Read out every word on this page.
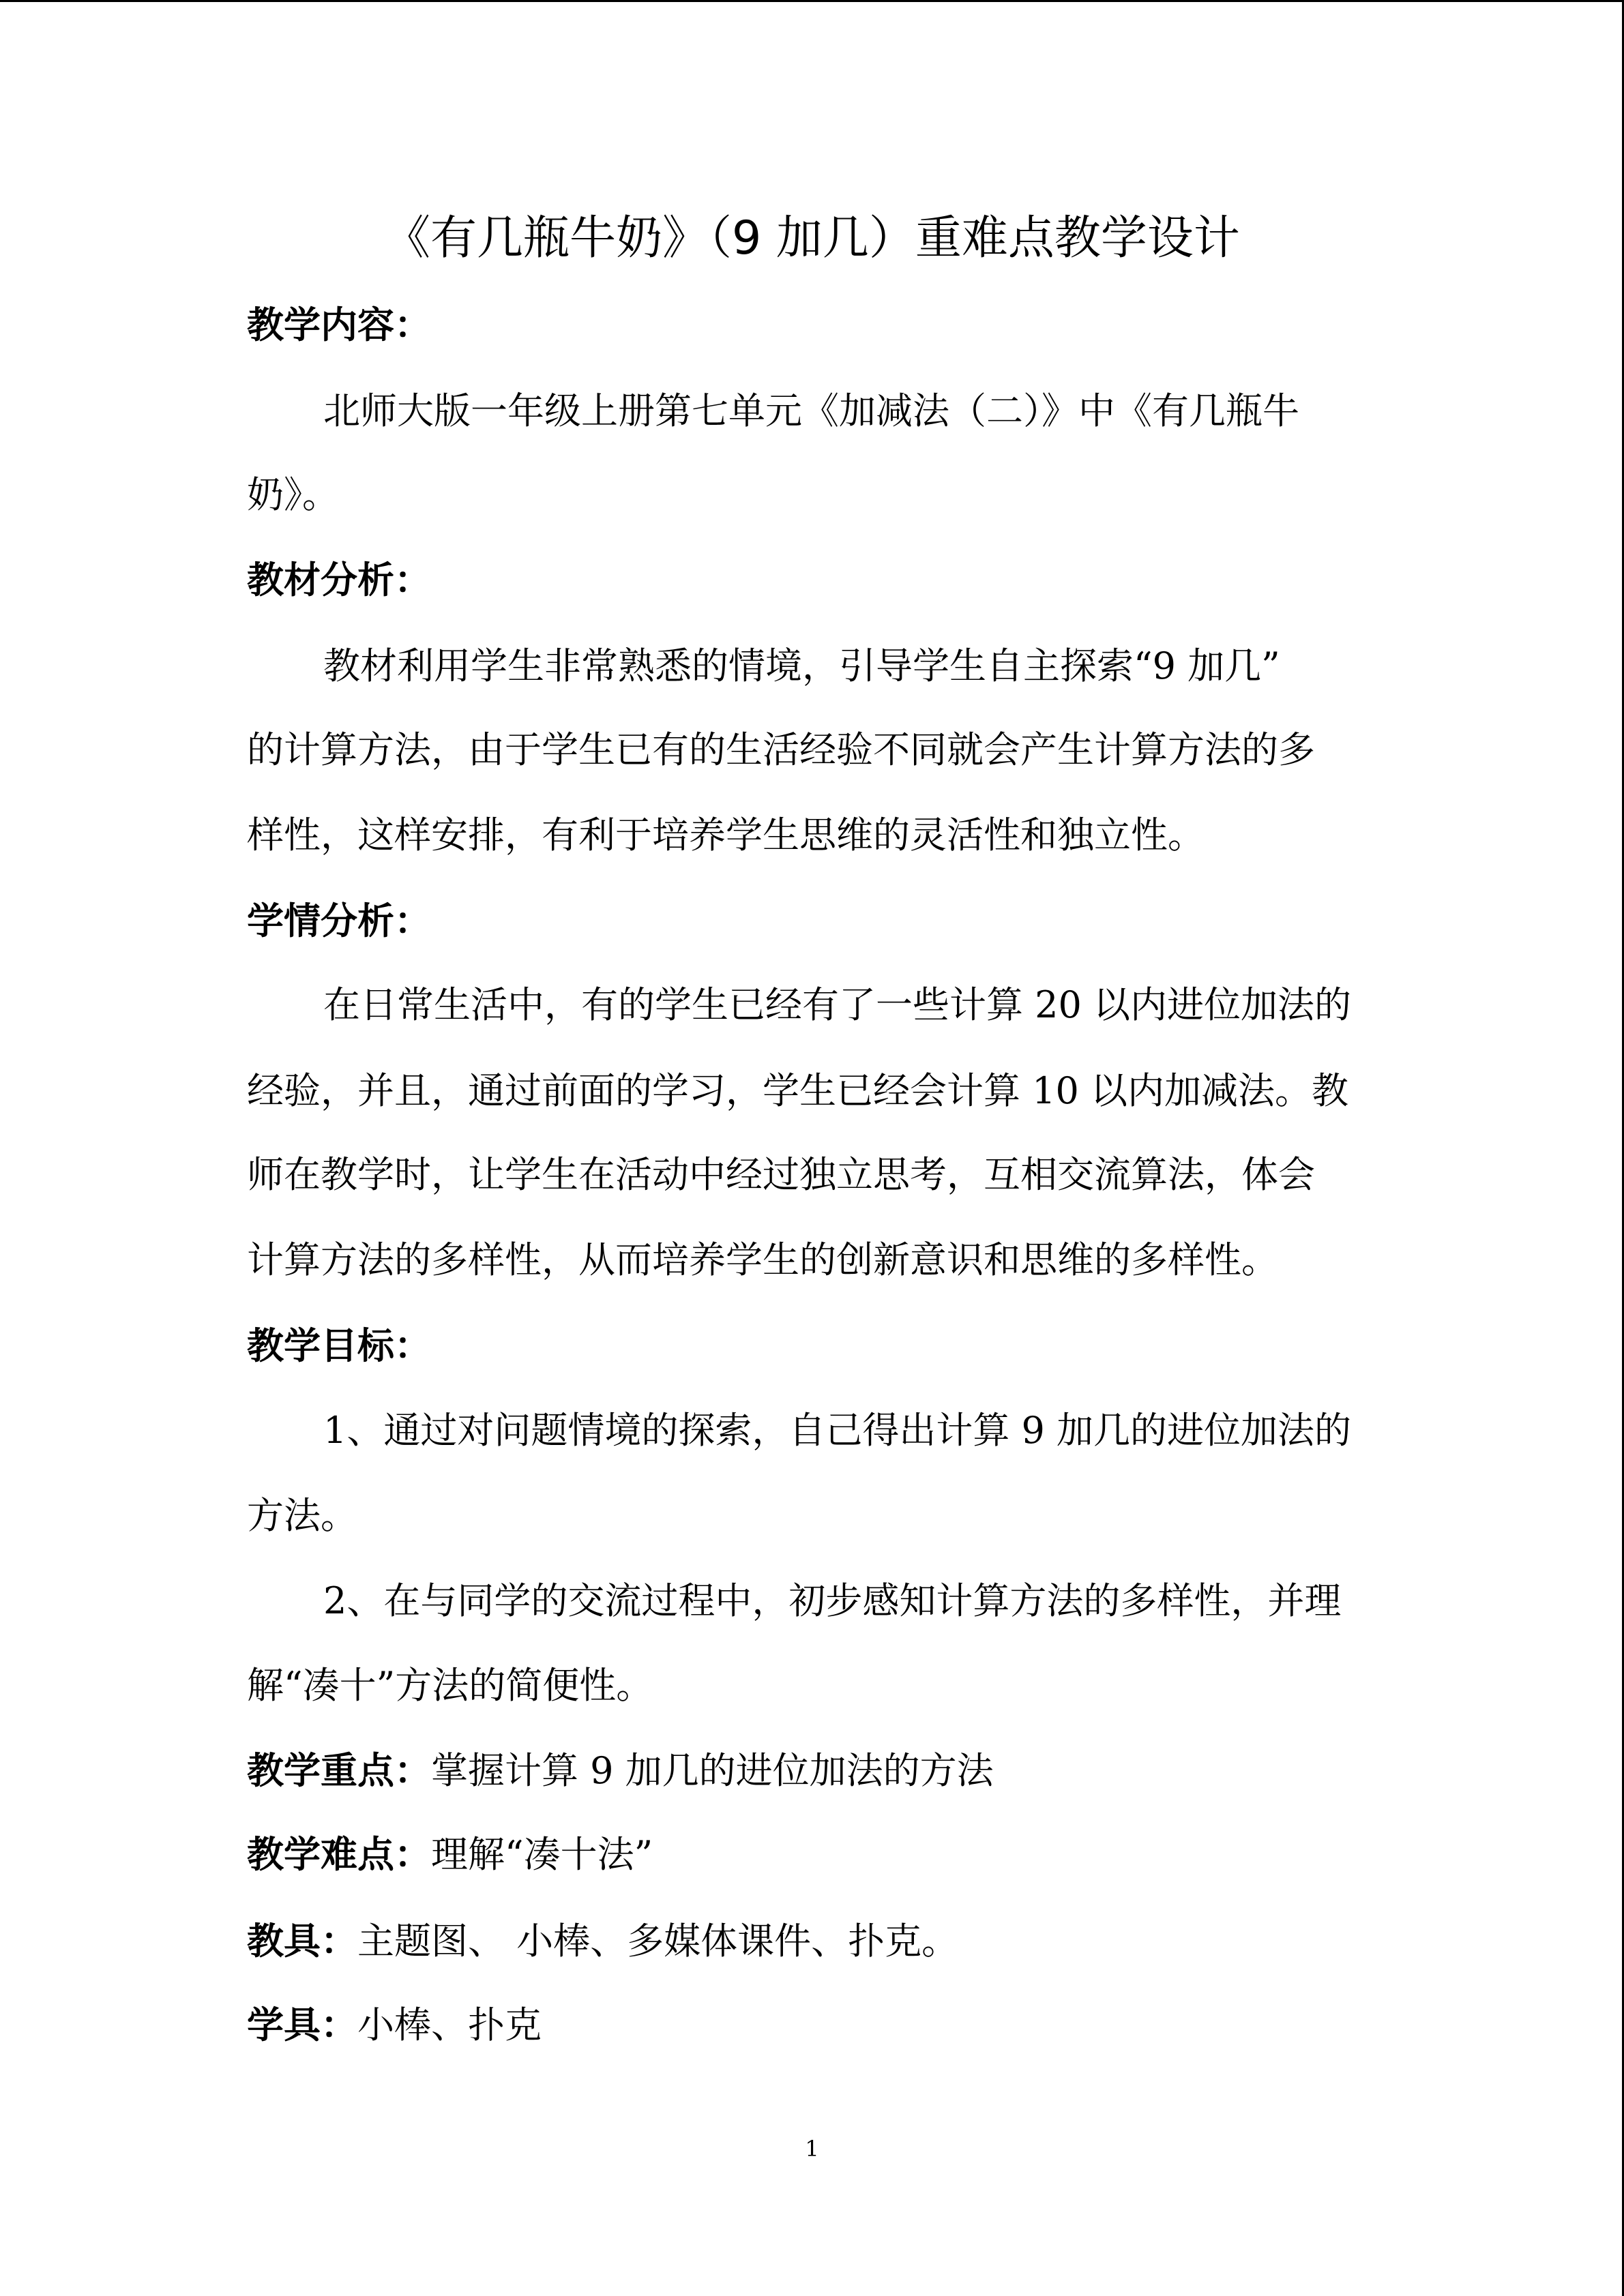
《有几瓶牛奶》（9 加几）重难点教学设计
教学内容：
北师大版一年级上册第七单元《加减法（二）》中《有几瓶牛
奶》。
教材分析：
教材利用学生非常熟悉的情境，引导学生自主探索“9 加几”
的计算方法，由于学生已有的生活经验不同就会产生计算方法的多
样性，这样安排，有利于培养学生思维的灵活性和独立性。
学情分析：
在日常生活中，有的学生已经有了一些计算 20 以内进位加法的
经验，并且，通过前面的学习，学生已经会计算 10 以内加减法。教
师在教学时，让学生在活动中经过独立思考，互相交流算法，体会
计算方法的多样性，从而培养学生的创新意识和思维的多样性。
教学目标：
1、通过对问题情境的探索，自己得出计算 9 加几的进位加法的
方法。
2、在与同学的交流过程中，初步感知计算方法的多样性，并理
解“凑十”方法的简便性。
教学重点：掌握计算 9 加几的进位加法的方法
教学难点：理解“凑十法”
教具：主题图、 小棒、多媒体课件、扑克。
学具：小棒、扑克
1
